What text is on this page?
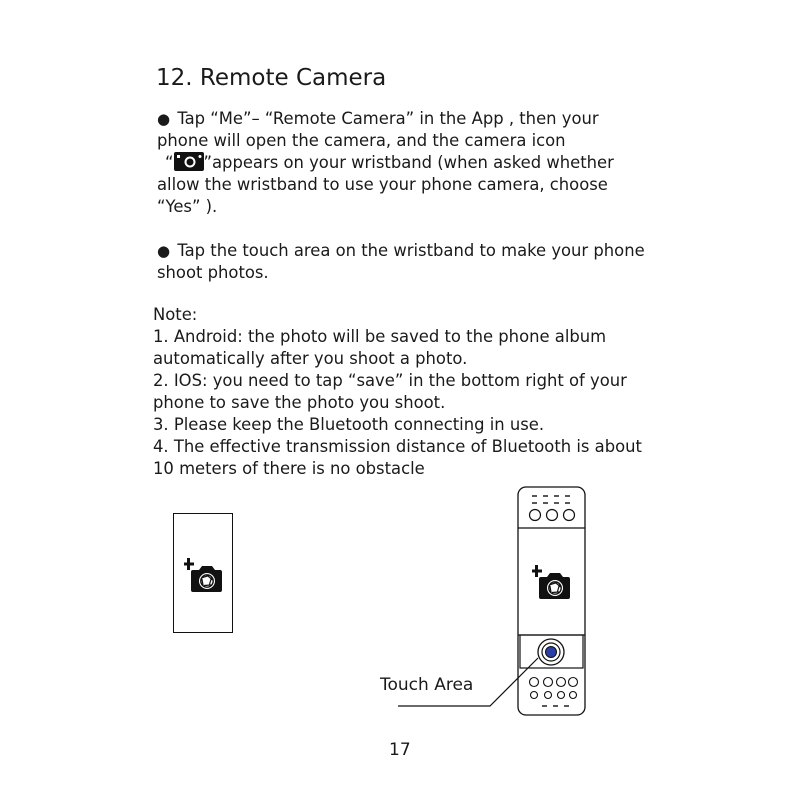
12. Remote Camera
● Tap “Me”– “Remote Camera” in the App , then your
phone will open the camera, and the camera icon
“ ”appears on your wristband (when asked whether
allow the wristband to use your phone camera, choose
“Yes” ).
● Tap the touch area on the wristband to make your phone
shoot photos.
Note:
1. Android: the photo will be saved to the phone album
automatically after you shoot a photo.
2. IOS: you need to tap “save” in the bottom right of your
phone to save the photo you shoot.
3. Please keep the Bluetooth connecting in use.
4. The effective transmission distance of Bluetooth is about
10 meters of there is no obstacle
Touch Area
17
